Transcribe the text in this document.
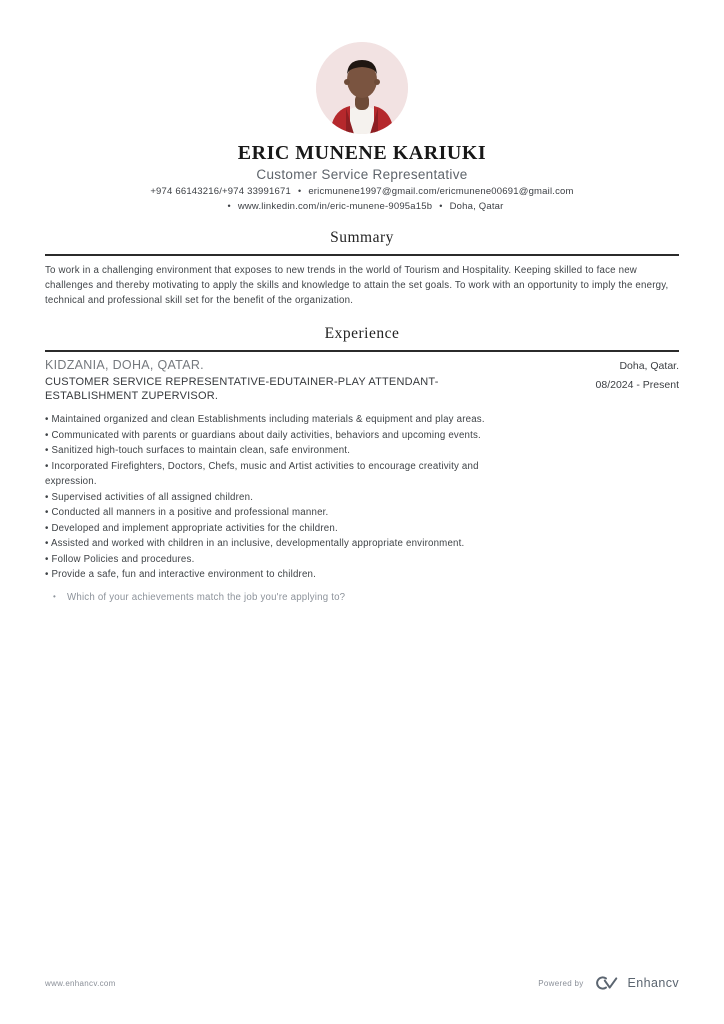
ERIC MUNENE KARIUKI
Customer Service Representative
+974 66143216/+974 33991671 • ericmunene1997@gmail.com/ericmunene00691@gmail.com
• www.linkedin.com/in/eric-munene-9095a15b • Doha, Qatar
Summary
To work in a challenging environment that exposes to new trends in the world of Tourism and Hospitality. Keeping skilled to face new challenges and thereby motivating to apply the skills and knowledge to attain the set goals. To work with an opportunity to imply the energy, technical and professional skill set for the benefit of the organization.
Experience
KIDZANIA, DOHA, QATAR.
CUSTOMER SERVICE REPRESENTATIVE-EDUTAINER-PLAY ATTENDANT- ESTABLISHMENT ZUPERVISOR.
Doha, Qatar.
08/2024 - Present
• Maintained organized and clean Establishments including materials & equipment and play areas.
• Communicated with parents or guardians about daily activities, behaviors and upcoming events.
• Sanitized high-touch surfaces to maintain clean, safe environment.
• Incorporated Firefighters, Doctors, Chefs, music and Artist activities to encourage creativity and expression.
• Supervised activities of all assigned children.
• Conducted all manners in a positive and professional manner.
• Developed and implement appropriate activities for the children.
• Assisted and worked with children in an inclusive, developmentally appropriate environment.
• Follow Policies and procedures.
• Provide a safe, fun and interactive environment to children.
• Which of your achievements match the job you're applying to?
www.enhancv.com	Powered by	Enhancv
